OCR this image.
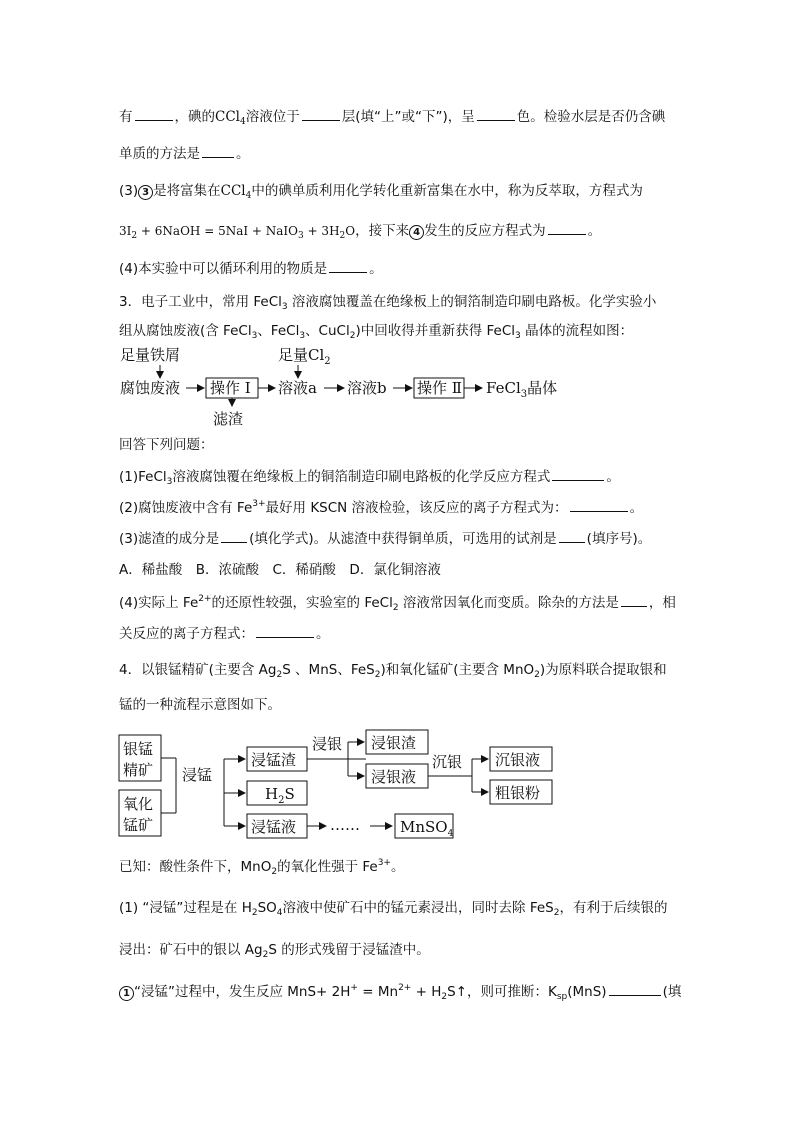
有	，碘的CCl$_4$溶液位于	层(填“上”或“下”)，呈	色。检验水层是否仍含碘
单质的方法是	。
(3) 3 是将富集在CCl$_4$中的碘单质利用化学转化重新富集在水中，称为反萃取，方程式为
$3I_2$ + 6NaOH = 5NaI + NaIO$_3$ + $3H_2O$，接下来 4 发生的反应方程式为	。
(4)本实验中可以循环利用的物质是	。
3．电子工业中，常用 FeCl$_3$ 溶液腐蚀覆盖在绝缘板上的铜箔制造印刷电路板。化学实验小
组从腐蚀废液(含 FeCl$_3$、FeCl$_3$、CuCl$_2$)中回收得并重新获得 FeCl$_3$ 晶体的流程如图：
足量铁屑	足量$Cl_2$
腐蚀废液 操作 Ⅰ
滤渣
溶液a 溶液b 操作 Ⅱ FeCl$_3$晶体
回答下列问题：
(1)FeCl$_3$溶液腐蚀覆在绝缘板上的铜箔制造印刷电路板的化学反应方程式	。
(2)腐蚀废液中含有 $Fe^{3+}$最好用 KSCN 溶液检验，该反应的离子方程式为：	。
(3)滤渣的成分是 (填化学式)。从滤渣中获得铜单质，可选用的试剂是 (填序号)。
A．稀盐酸　B．浓硫酸　C．稀硝酸　D．氯化铜溶液
(4)实际上 $Fe^{2+}$的还原性较强，实验室的 FeCl$_2$ 溶液常因氧化而变质。除杂的方法是 ，相
关反应的离子方程式：	。
4．以银锰精矿(主要含 $Ag_2S$ 、MnS、FeS$_2$)和氧化锰矿(主要含 MnO$_2$)为原料联合提取银和
锰的一种流程示意图如下。
银锰
精矿
氧化
锰矿
浸锰
浸锰渣
$H_2S$
浸锰液 ……	MnSO$_4$
浸银 浸银渣
浸银液
沉银 沉银液
粗银粉
已知：酸性条件下，MnO$_2$的氧化性强于 $Fe^{3+}$。
(1) “浸锰”过程是在 $H_2SO_4$溶液中使矿石中的锰元素浸出，同时去除 FeS$_2$，有利于后续银的
浸出：矿石中的银以 $Ag_2S$ 的形式残留于浸锰渣中。
1 “浸锰”过程中，发生反应 $MnS+ 2H^+ = Mn^{2+}$ + $H_2S↑$，则可推断：$K_{sp}(MnS)$	(填
